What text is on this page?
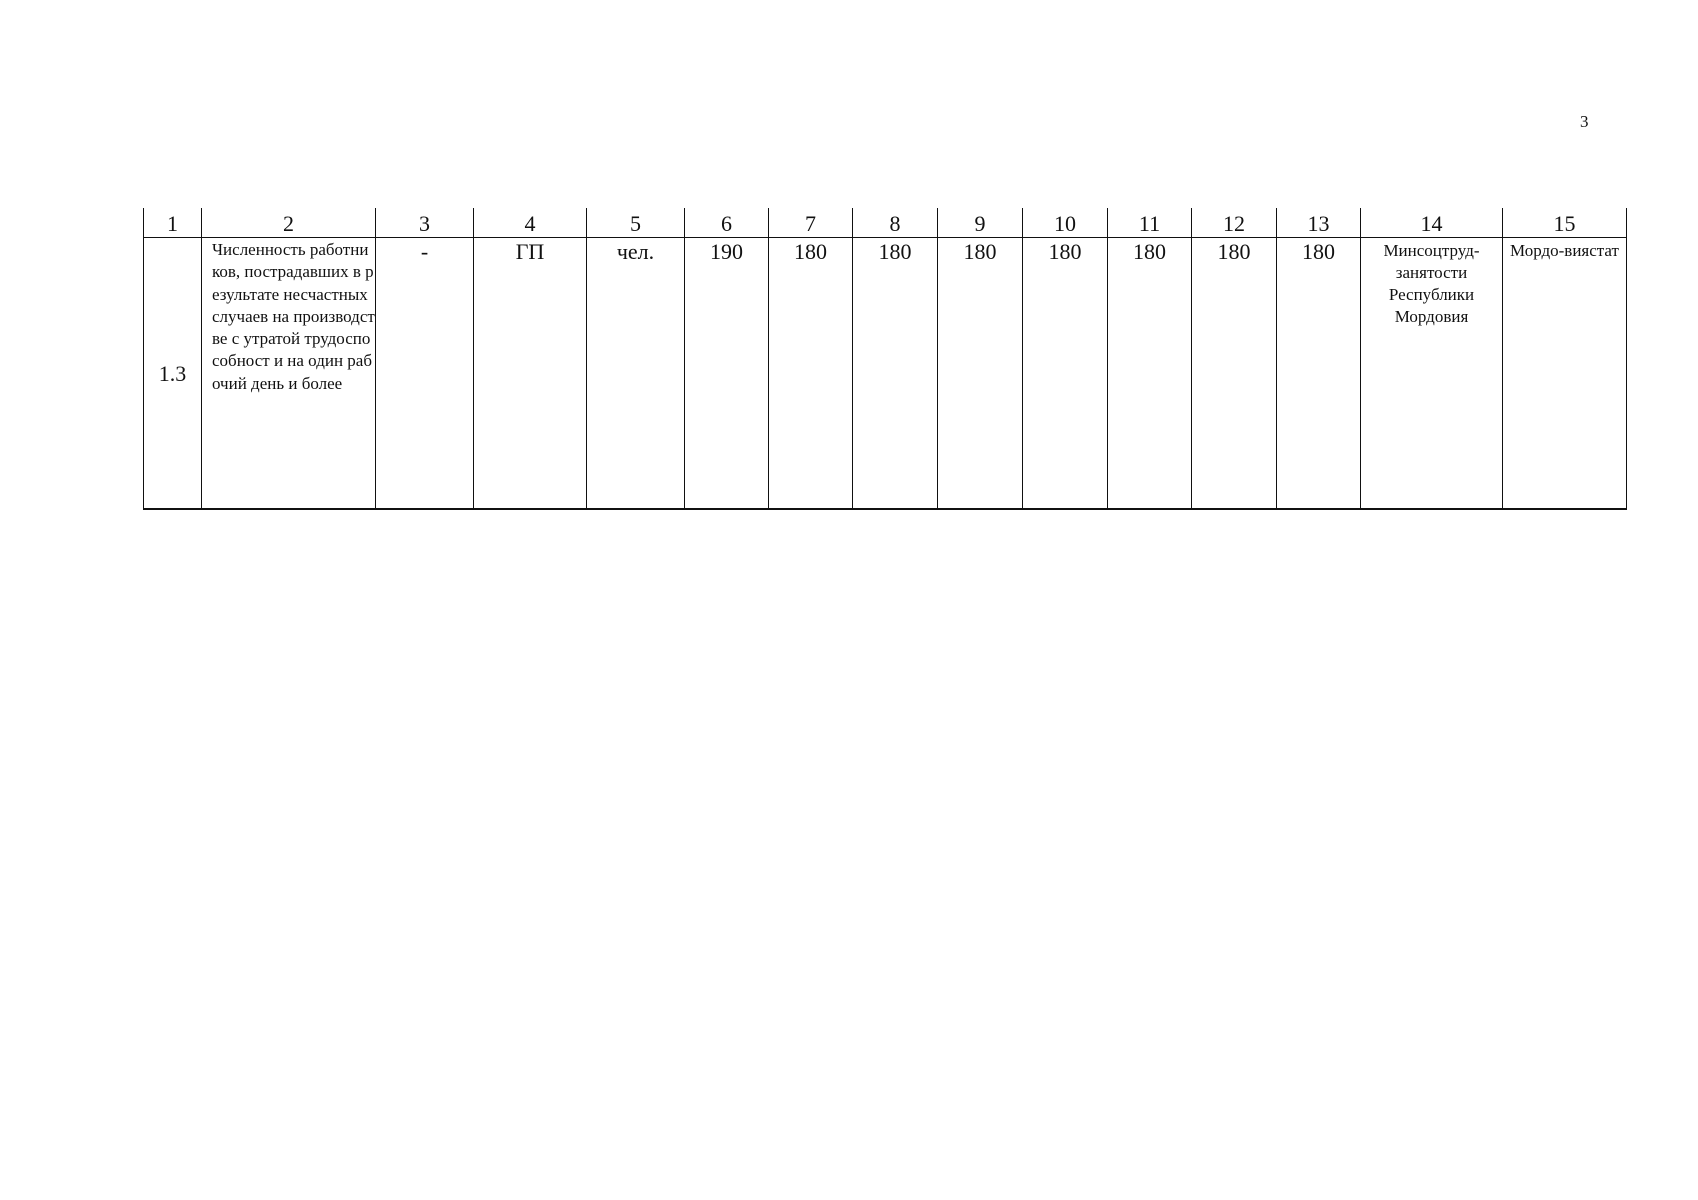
3
1	2	3	4	5	6	7	8	9	10	11	12	13	14	15
1.3	Численность работников, пострадавших в результате несчастных случаев на производстве с утратой трудоспособност и на один рабочий день и более	-	ГП	чел.	190	180	180	180	180	180	180	180	Минсоцтруд-занятости Республики Мордовия	Мордо-виястат
